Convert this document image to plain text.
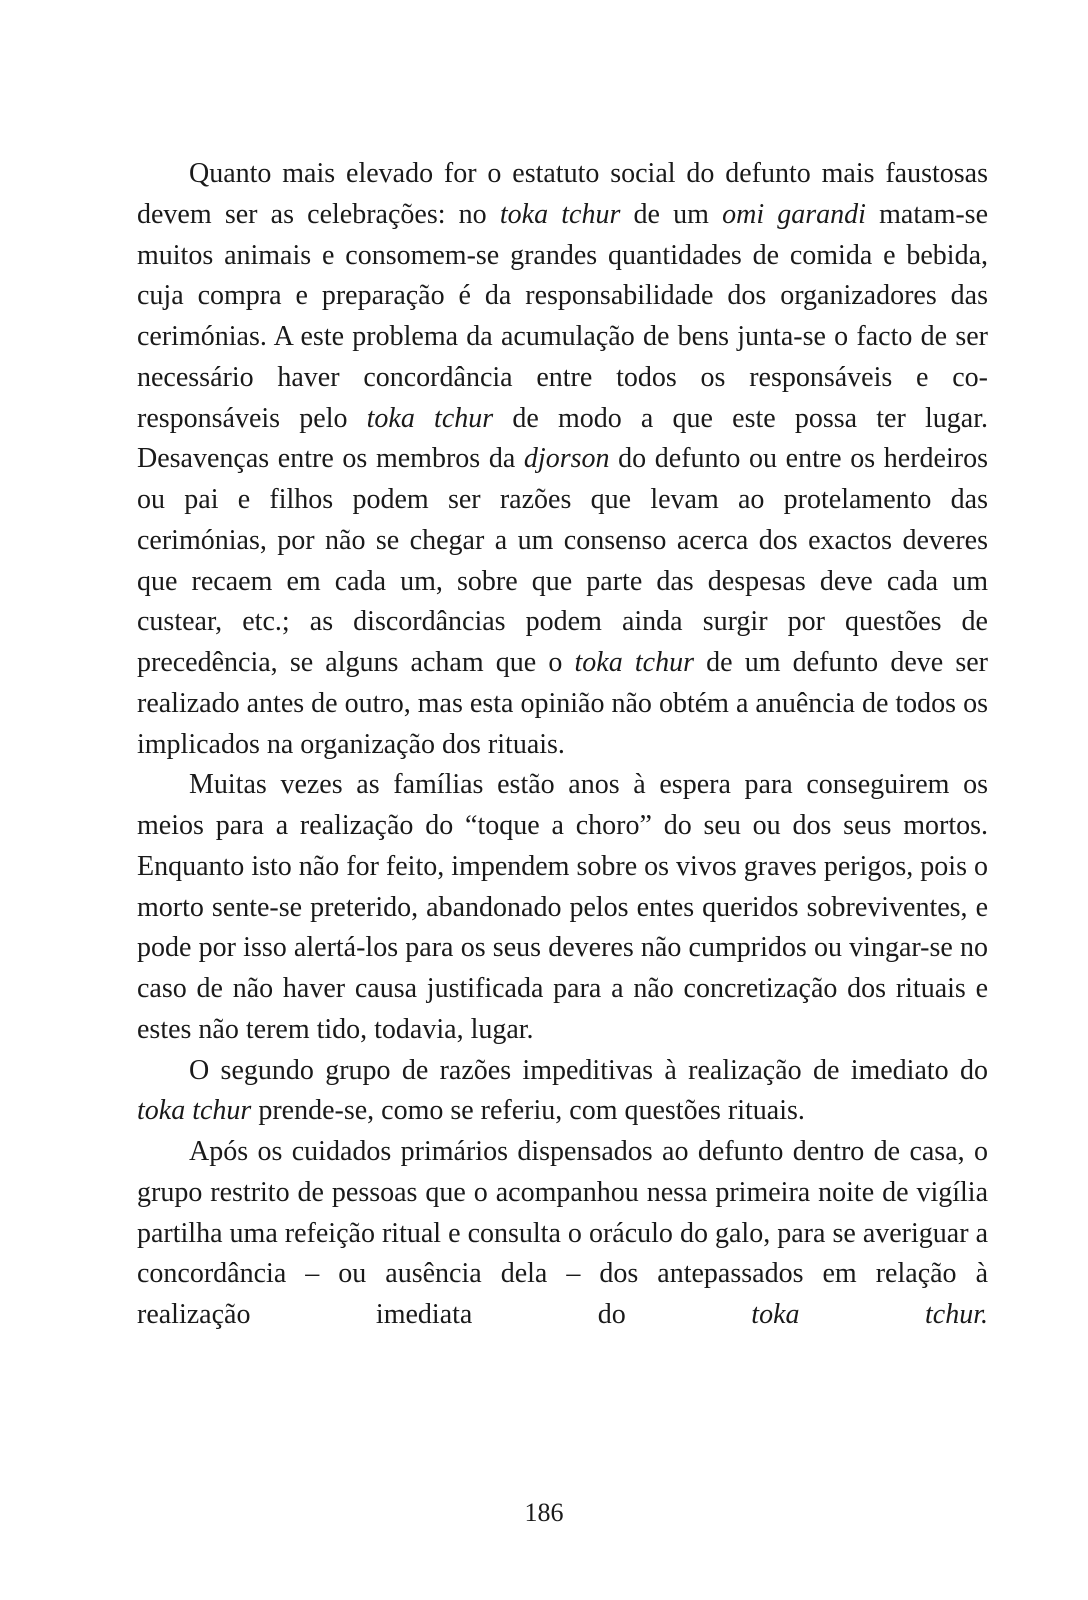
Quanto mais elevado for o estatuto social do defunto mais faustosas devem ser as celebrações: no toka tchur de um omi garandi matam-se muitos animais e consomem-se grandes quantidades de comida e bebida, cuja compra e preparação é da responsabilidade dos organizadores das cerimónias. A este problema da acumulação de bens junta-se o facto de ser necessário haver concordância entre todos os responsáveis e co-responsáveis pelo toka tchur de modo a que este possa ter lugar. Desavenças entre os membros da djorson do defunto ou entre os herdeiros ou pai e filhos podem ser razões que levam ao protelamento das cerimónias, por não se chegar a um consenso acerca dos exactos deveres que recaem em cada um, sobre que parte das despesas deve cada um custear, etc.; as discordâncias podem ainda surgir por questões de precedência, se alguns acham que o toka tchur de um defunto deve ser realizado antes de outro, mas esta opinião não obtém a anuência de todos os implicados na organização dos rituais.

Muitas vezes as famílias estão anos à espera para conseguirem os meios para a realização do “toque a choro” do seu ou dos seus mortos. Enquanto isto não for feito, impendem sobre os vivos graves perigos, pois o morto sente-se preterido, abandonado pelos entes queridos sobreviventes, e pode por isso alertá-los para os seus deveres não cumpridos ou vingar-se no caso de não haver causa justificada para a não concretização dos rituais e estes não terem tido, todavia, lugar.

O segundo grupo de razões impeditivas à realização de imediato do toka tchur prende-se, como se referiu, com questões rituais.

Após os cuidados primários dispensados ao defunto dentro de casa, o grupo restrito de pessoas que o acompanhou nessa primeira noite de vigília partilha uma refeição ritual e consulta o oráculo do galo, para se averiguar a concordância – ou ausência dela – dos antepassados em relação à realização imediata do toka tchur.

186
